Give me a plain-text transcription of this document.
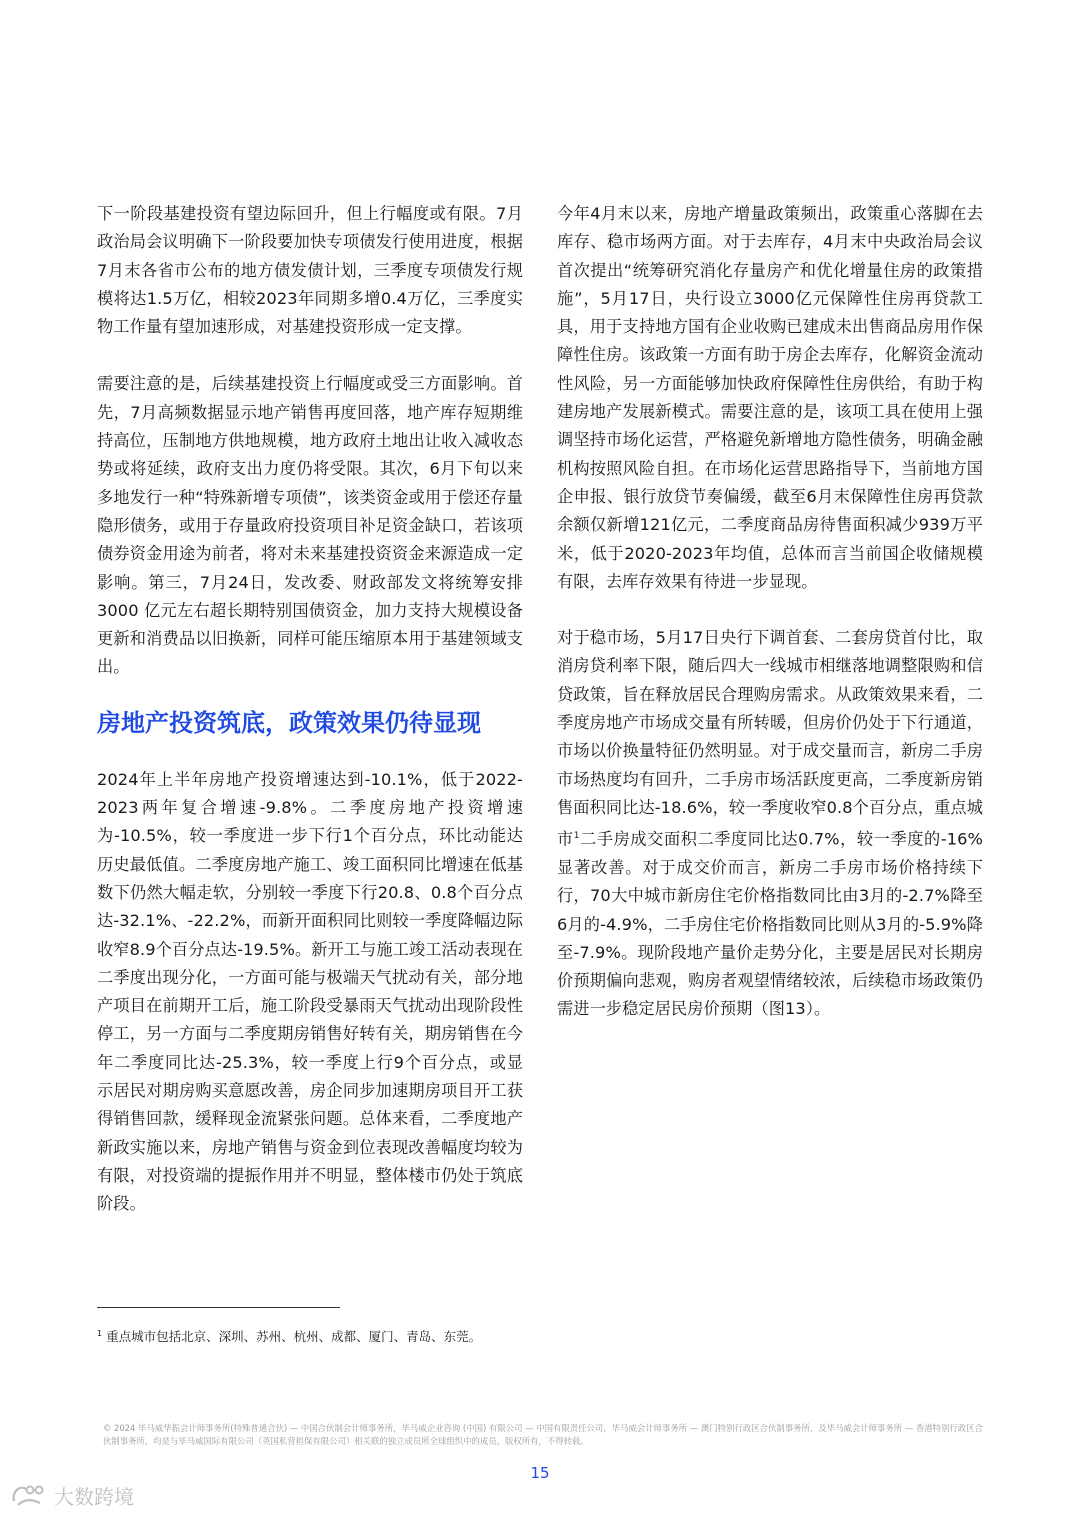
下一阶段基建投资有望边际回升，但上行幅度或有限。7月政治局会议明确下一阶段要加快专项债发行使用进度，根据7月末各省市公布的地方债发债计划，三季度专项债发行规模将达1.5万亿，相较2023年同期多增0.4万亿，三季度实物工作量有望加速形成，对基建投资形成一定支撑。

需要注意的是，后续基建投资上行幅度或受三方面影响。首先，7月高频数据显示地产销售再度回落，地产库存短期维持高位，压制地方供地规模，地方政府土地出让收入减收态势或将延续，政府支出力度仍将受限。其次，6月下旬以来多地发行一种“特殊新增专项债”，该类资金或用于偿还存量隐形债务，或用于存量政府投资项目补足资金缺口，若该项债券资金用途为前者，将对未来基建投资资金来源造成一定影响。第三，7月24日，发改委、财政部发文将统筹安排 3000 亿元左右超长期特别国债资金，加力支持大规模设备更新和消费品以旧换新，同样可能压缩原本用于基建领域支出。

房地产投资筑底，政策效果仍待显现

2024年上半年房地产投资增速达到-10.1%，低于2022-2023两年复合增速-9.8%。二季度房地产投资增速为-10.5%，较一季度进一步下行1个百分点，环比动能达历史最低值。二季度房地产施工、竣工面积同比增速在低基数下仍然大幅走软，分别较一季度下行20.8、0.8个百分点达-32.1%、-22.2%，而新开面积同比则较一季度降幅边际收窄8.9个百分点达-19.5%。新开工与施工竣工活动表现在二季度出现分化，一方面可能与极端天气扰动有关，部分地产项目在前期开工后，施工阶段受暴雨天气扰动出现阶段性停工，另一方面与二季度期房销售好转有关，期房销售在今年二季度同比达-25.3%，较一季度上行9个百分点，或显示居民对期房购买意愿改善，房企同步加速期房项目开工获得销售回款，缓释现金流紧张问题。总体来看，二季度地产新政实施以来，房地产销售与资金到位表现改善幅度均较为有限，对投资端的提振作用并不明显，整体楼市仍处于筑底阶段。

今年4月末以来，房地产增量政策频出，政策重心落脚在去库存、稳市场两方面。对于去库存，4月末中央政治局会议首次提出“统筹研究消化存量房产和优化增量住房的政策措施”，5月17日，央行设立3000亿元保障性住房再贷款工具，用于支持地方国有企业收购已建成未出售商品房用作保障性住房。该政策一方面有助于房企去库存，化解资金流动性风险，另一方面能够加快政府保障性住房供给，有助于构建房地产发展新模式。需要注意的是，该项工具在使用上强调坚持市场化运营，严格避免新增地方隐性债务，明确金融机构按照风险自担。在市场化运营思路指导下，当前地方国企申报、银行放贷节奏偏缓，截至6月末保障性住房再贷款余额仅新增121亿元，二季度商品房待售面积减少939万平米，低于2020-2023年均值，总体而言当前国企收储规模有限，去库存效果有待进一步显现。

对于稳市场，5月17日央行下调首套、二套房贷首付比，取消房贷利率下限，随后四大一线城市相继落地调整限购和信贷政策，旨在释放居民合理购房需求。从政策效果来看，二季度房地产市场成交量有所转暖，但房价仍处于下行通道，市场以价换量特征仍然明显。对于成交量而言，新房二手房市场热度均有回升，二手房市场活跃度更高，二季度新房销售面积同比达-18.6%，较一季度收窄0.8个百分点，重点城市$^1$二手房成交面积二季度同比达0.7%，较一季度的-16%显著改善。对于成交价而言，新房二手房市场价格持续下行，70大中城市新房住宅价格指数同比由3月的-2.7%降至6月的-4.9%，二手房住宅价格指数同比则从3月的-5.9%降至-7.9%。现阶段地产量价走势分化，主要是居民对长期房价预期偏向悲观，购房者观望情绪较浓，后续稳市场政策仍需进一步稳定居民房价预期（图13）。

$^1$ 重点城市包括北京、深圳、苏州、杭州、成都、厦门、青岛、东莞。

© 2024 毕马威华振会计师事务所(特殊普通合伙) — 中国合伙制会计师事务所，毕马威企业咨询 (中国) 有限公司 — 中国有限责任公司，毕马威会计师事务所 — 澳门特别行政区合伙制事务所，及毕马威会计师事务所 — 香港特别行政区合伙制事务所，均是与毕马威国际有限公司（英国私营担保有限公司）相关联的独立成员所全球组织中的成员。版权所有，不得转载。

15

大数跨境
